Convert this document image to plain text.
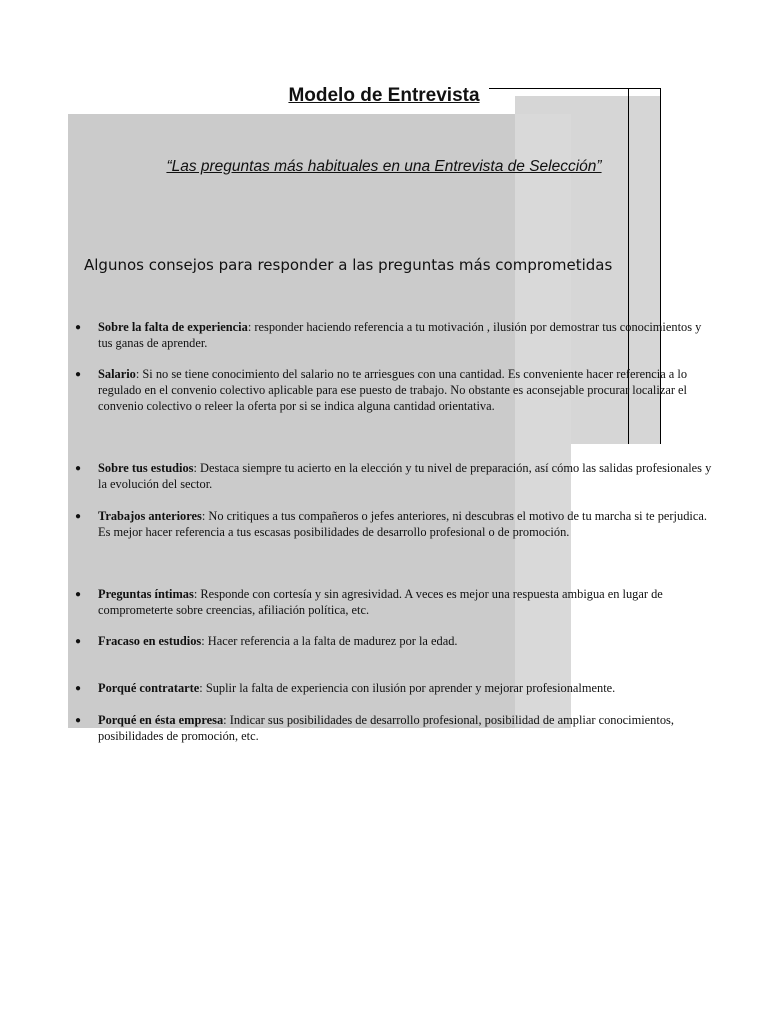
Modelo de Entrevista
“Las preguntas más habituales en una Entrevista de Selección”
Algunos consejos para responder a las preguntas más comprometidas
● Sobre la falta de experiencia: responder haciendo referencia a tu motivación , ilusión por demostrar tus conocimientos y tus ganas de aprender.
● Salario: Si no se tiene conocimiento del salario no te arriesgues con una cantidad. Es conveniente hacer referencia a lo regulado en el convenio colectivo aplicable para ese puesto de trabajo. No obstante es aconsejable procurar localizar el convenio colectivo o releer la oferta por si se indica alguna cantidad orientativa.
● Sobre tus estudios: Destaca siempre tu acierto en la elección y tu nivel de preparación, así cómo las salidas profesionales y la evolución del sector.
● Trabajos anteriores: No critiques a tus compañeros o jefes anteriores, ni descubras el motivo de tu marcha si te perjudica. Es mejor hacer referencia a tus escasas posibilidades de desarrollo profesional o de promoción.
● Preguntas íntimas: Responde con cortesía y sin agresividad. A veces es mejor una respuesta ambigua en lugar de comprometerte sobre creencias, afiliación política, etc.
● Fracaso en estudios: Hacer referencia a la falta de madurez por la edad.
● Porqué contratarte: Suplir la falta de experiencia con ilusión por aprender y mejorar profesionalmente.
● Porqué en ésta empresa: Indicar sus posibilidades de desarrollo profesional, posibilidad de ampliar conocimientos, posibilidades de promoción, etc.
